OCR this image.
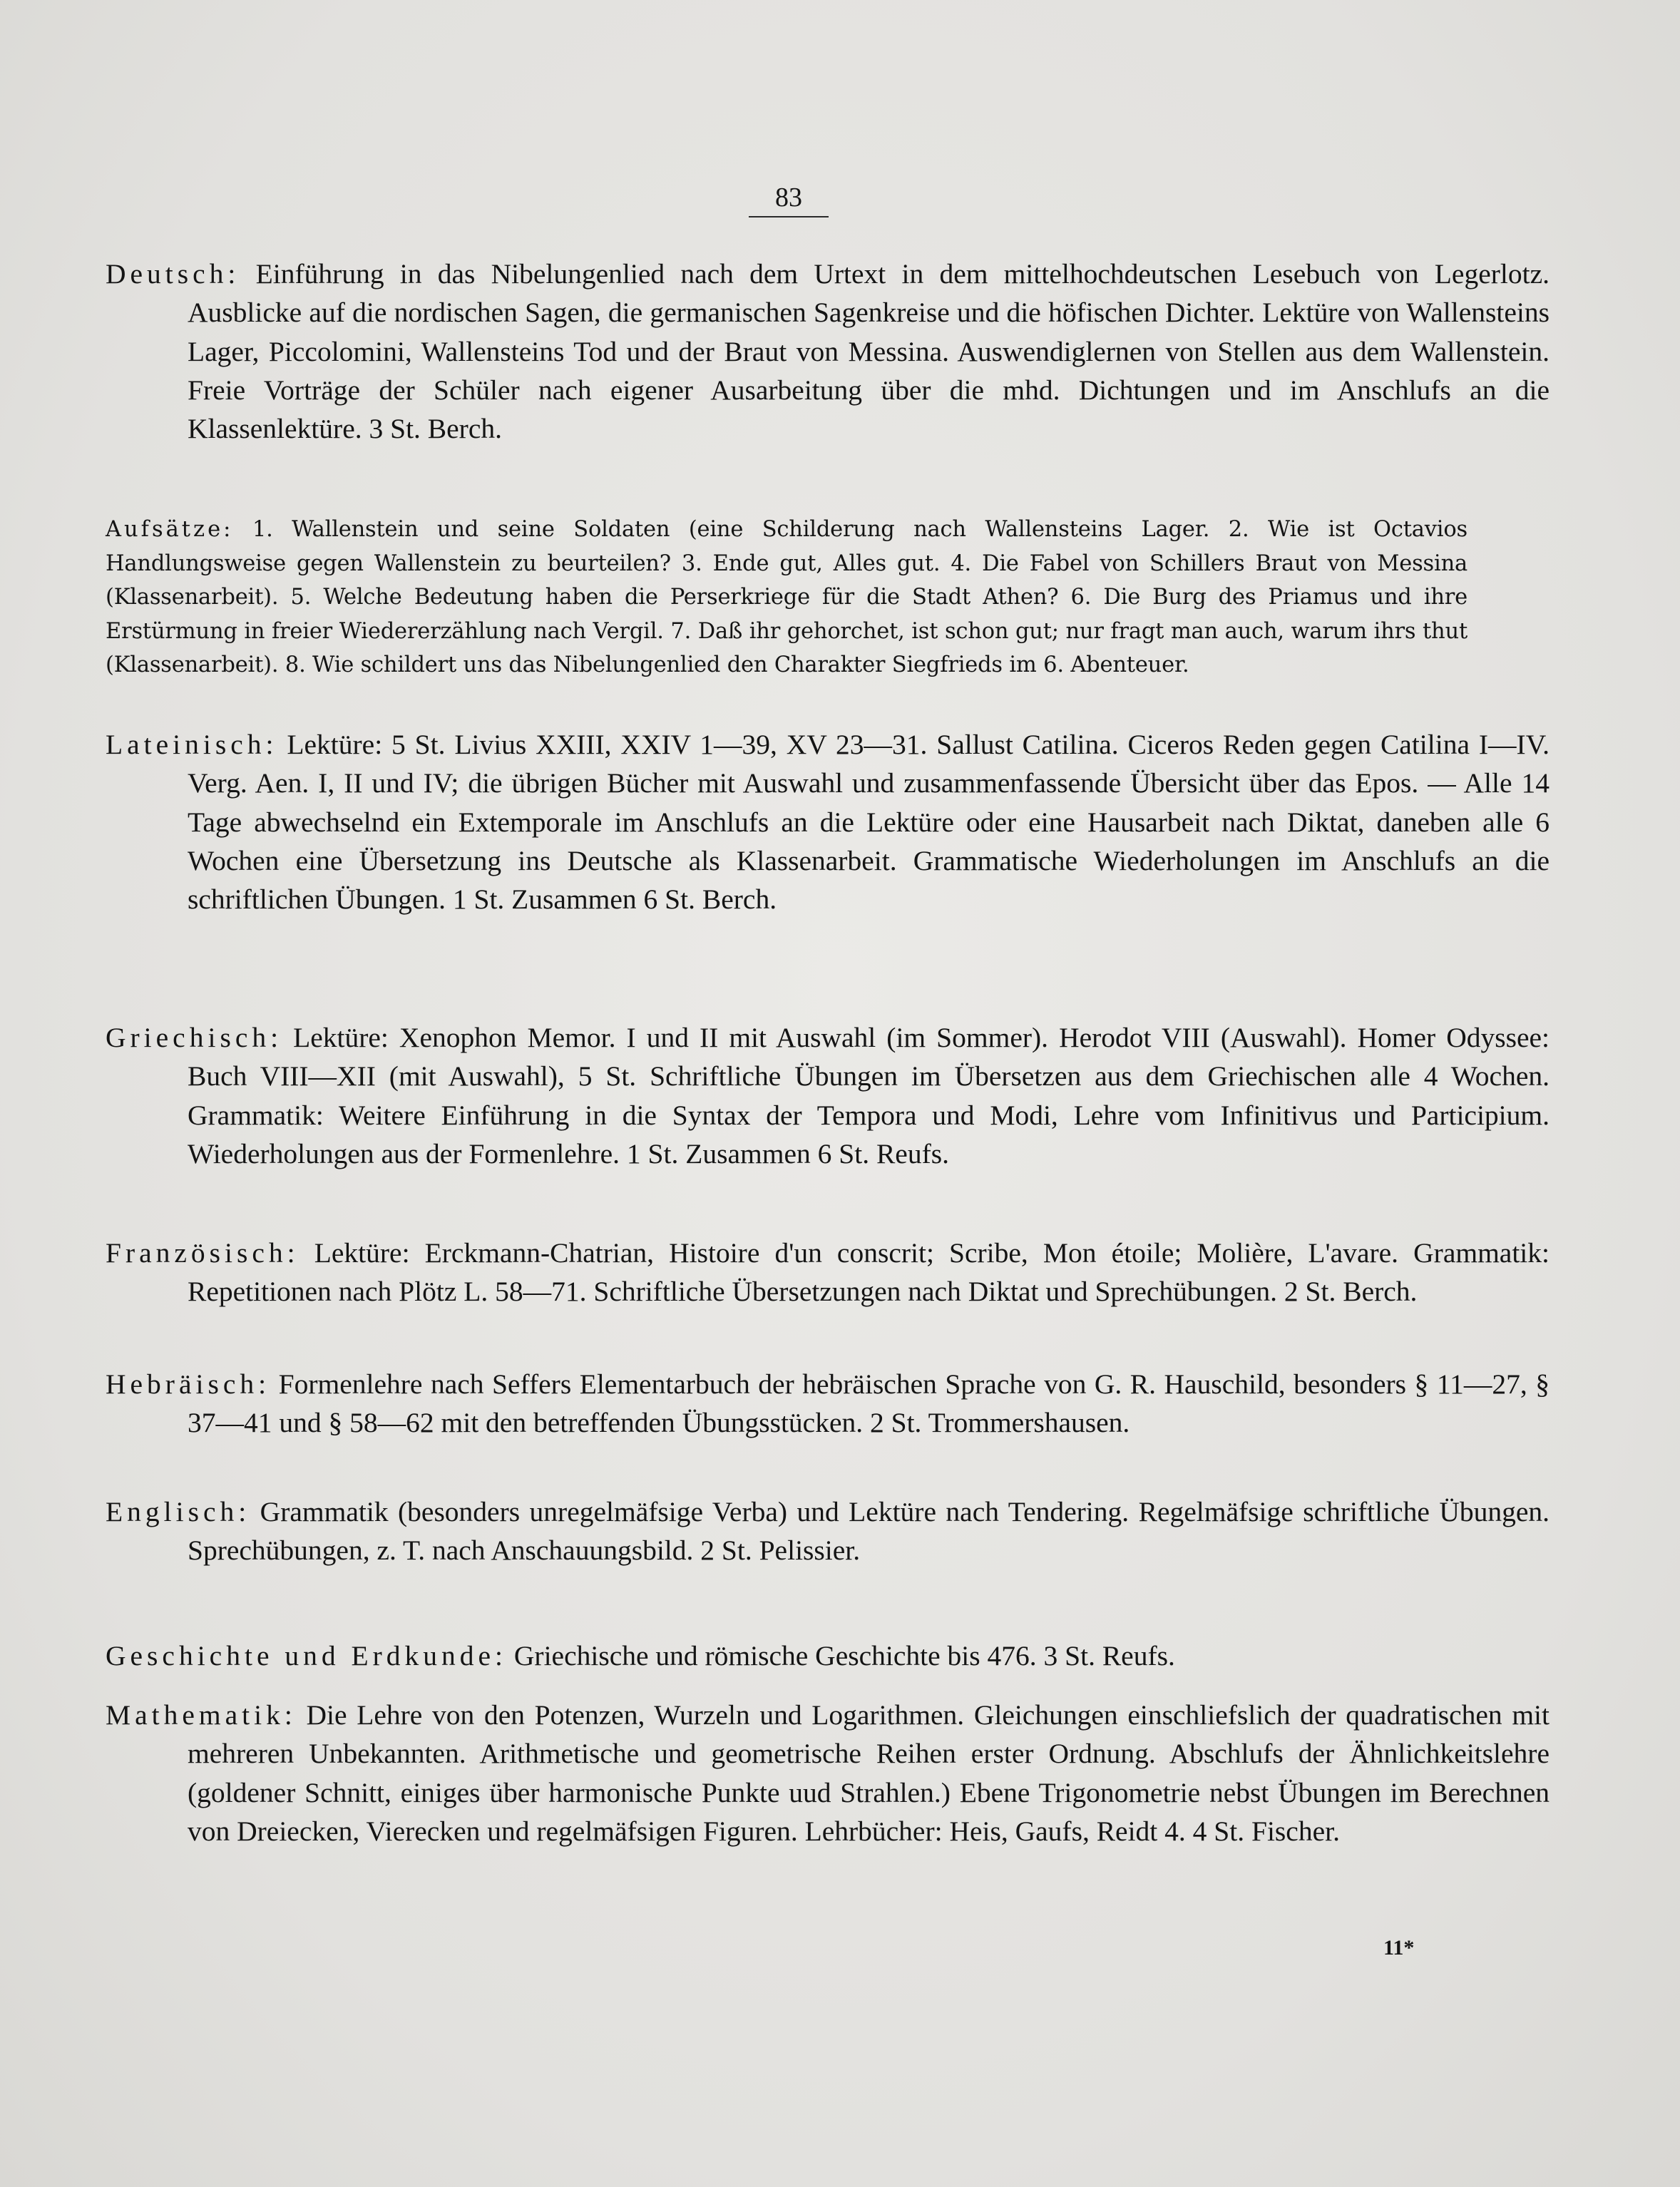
83
Deutsch: Einführung in das Nibelungenlied nach dem Urtext in dem mittelhochdeutschen Lesebuch von Legerlotz. Ausblicke auf die nordischen Sagen, die germanischen Sagenkreise und die höfischen Dichter. Lektüre von Wallensteins Lager, Piccolomini, Wallensteins Tod und der Braut von Messina. Auswendiglernen von Stellen aus dem Wallenstein. Freie Vorträge der Schüler nach eigener Ausarbeitung über die mhd. Dichtungen und im Anschlufs an die Klassenlektüre. 3 St. Berch.
Aufsätze: 1. Wallenstein und seine Soldaten (eine Schilderung nach Wallensteins Lager. 2. Wie ist Octavios Handlungsweise gegen Wallenstein zu beurteilen? 3. Ende gut, Alles gut. 4. Die Fabel von Schillers Braut von Messina (Klassenarbeit). 5. Welche Bedeutung haben die Perserkriege für die Stadt Athen? 6. Die Burg des Priamus und ihre Erstürmung in freier Wiedererzählung nach Vergil. 7. Daß ihr gehorchet, ist schon gut; nur fragt man auch, warum ihrs thut (Klassenarbeit). 8. Wie schildert uns das Nibelungenlied den Charakter Siegfrieds im 6. Abenteuer.
Lateinisch: Lektüre: 5 St. Livius XXIII, XXIV 1—39, XV 23—31. Sallust Catilina. Ciceros Reden gegen Catilina I—IV. Verg. Aen. I, II und IV; die übrigen Bücher mit Auswahl und zusammenfassende Übersicht über das Epos. — Alle 14 Tage abwechselnd ein Extemporale im Anschlufs an die Lektüre oder eine Hausarbeit nach Diktat, daneben alle 6 Wochen eine Übersetzung ins Deutsche als Klassenarbeit. Grammatische Wiederholungen im Anschlufs an die schriftlichen Übungen. 1 St. Zusammen 6 St. Berch.
Griechisch: Lektüre: Xenophon Memor. I und II mit Auswahl (im Sommer). Herodot VIII (Auswahl). Homer Odyssee: Buch VIII—XII (mit Auswahl), 5 St. Schriftliche Übungen im Übersetzen aus dem Griechischen alle 4 Wochen. Grammatik: Weitere Einführung in die Syntax der Tempora und Modi, Lehre vom Infinitivus und Participium. Wiederholungen aus der Formenlehre. 1 St. Zusammen 6 St. Reufs.
Französisch: Lektüre: Erckmann-Chatrian, Histoire d'un conscrit; Scribe, Mon étoile; Molière, L'avare. Grammatik: Repetitionen nach Plötz L. 58—71. Schriftliche Übersetzungen nach Diktat und Sprechübungen. 2 St. Berch.
Hebräisch: Formenlehre nach Seffers Elementarbuch der hebräischen Sprache von G. R. Hauschild, besonders § 11—27, § 37—41 und § 58—62 mit den betreffenden Übungsstücken. 2 St. Trommershausen.
Englisch: Grammatik (besonders unregelmäfsige Verba) und Lektüre nach Tendering. Regelmäfsige schriftliche Übungen. Sprechübungen, z. T. nach Anschauungsbild. 2 St. Pelissier.
Geschichte und Erdkunde: Griechische und römische Geschichte bis 476. 3 St. Reufs.
Mathematik: Die Lehre von den Potenzen, Wurzeln und Logarithmen. Gleichungen einschliefslich der quadratischen mit mehreren Unbekannten. Arithmetische und geometrische Reihen erster Ordnung. Abschlufs der Ähnlichkeitslehre (goldener Schnitt, einiges über harmonische Punkte uud Strahlen.) Ebene Trigonometrie nebst Übungen im Berechnen von Dreiecken, Vierecken und regelmäfsigen Figuren. Lehrbücher: Heis, Gaufs, Reidt 4. 4 St. Fischer.
11*
